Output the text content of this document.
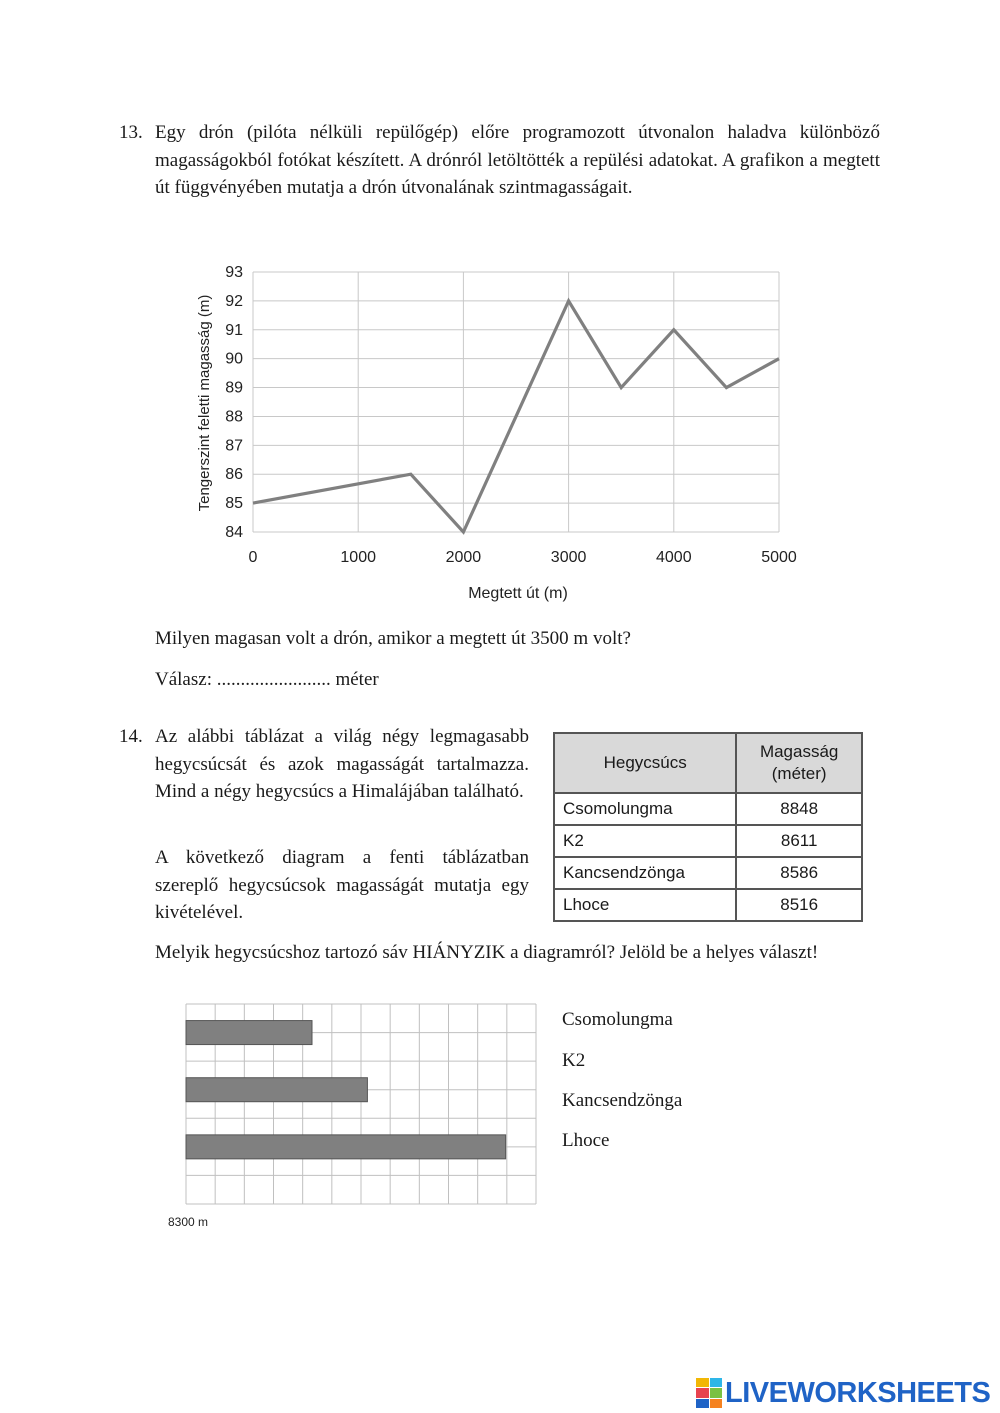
13. Egy drón (pilóta nélküli repülőgép) előre programozott útvonalon haladva különböző magasságokból fotókat készített. A drónról letöltötték a repülési adatokat. A grafikon a megtett út függvényében mutatja a drón útvonalának szintmagasságait.
84
85
86
87
88
89
90
91
92
93
0	1000	2000	3000	4000	5000
Megtett út (m)
Tengerszint feletti magasság (m)
Milyen magasan volt a drón, amikor a megtett út 3500 m volt?
Válasz: ........................ méter
14. Az alábbi táblázat a világ négy legmagasabb hegycsúcsát és azok magasságát tartalmazza. Mind a négy hegycsúcs a Himalájában található.
A következő diagram a fenti táblázatban szereplő hegycsúcsok magasságát mutatja egy kivételével.
Hegycsúcs	Magasság
(méter)
Csomolungma	8848
K2	8611
Kancsendzönga	8586
Lhoce	8516
Melyik hegycsúcshoz tartozó sáv HIÁNYZIK a diagramról? Jelöld be a helyes választ!
8300 m
Csomolungma
K2
Kancsendzönga
Lhoce
LIVEWORKSHEETS
